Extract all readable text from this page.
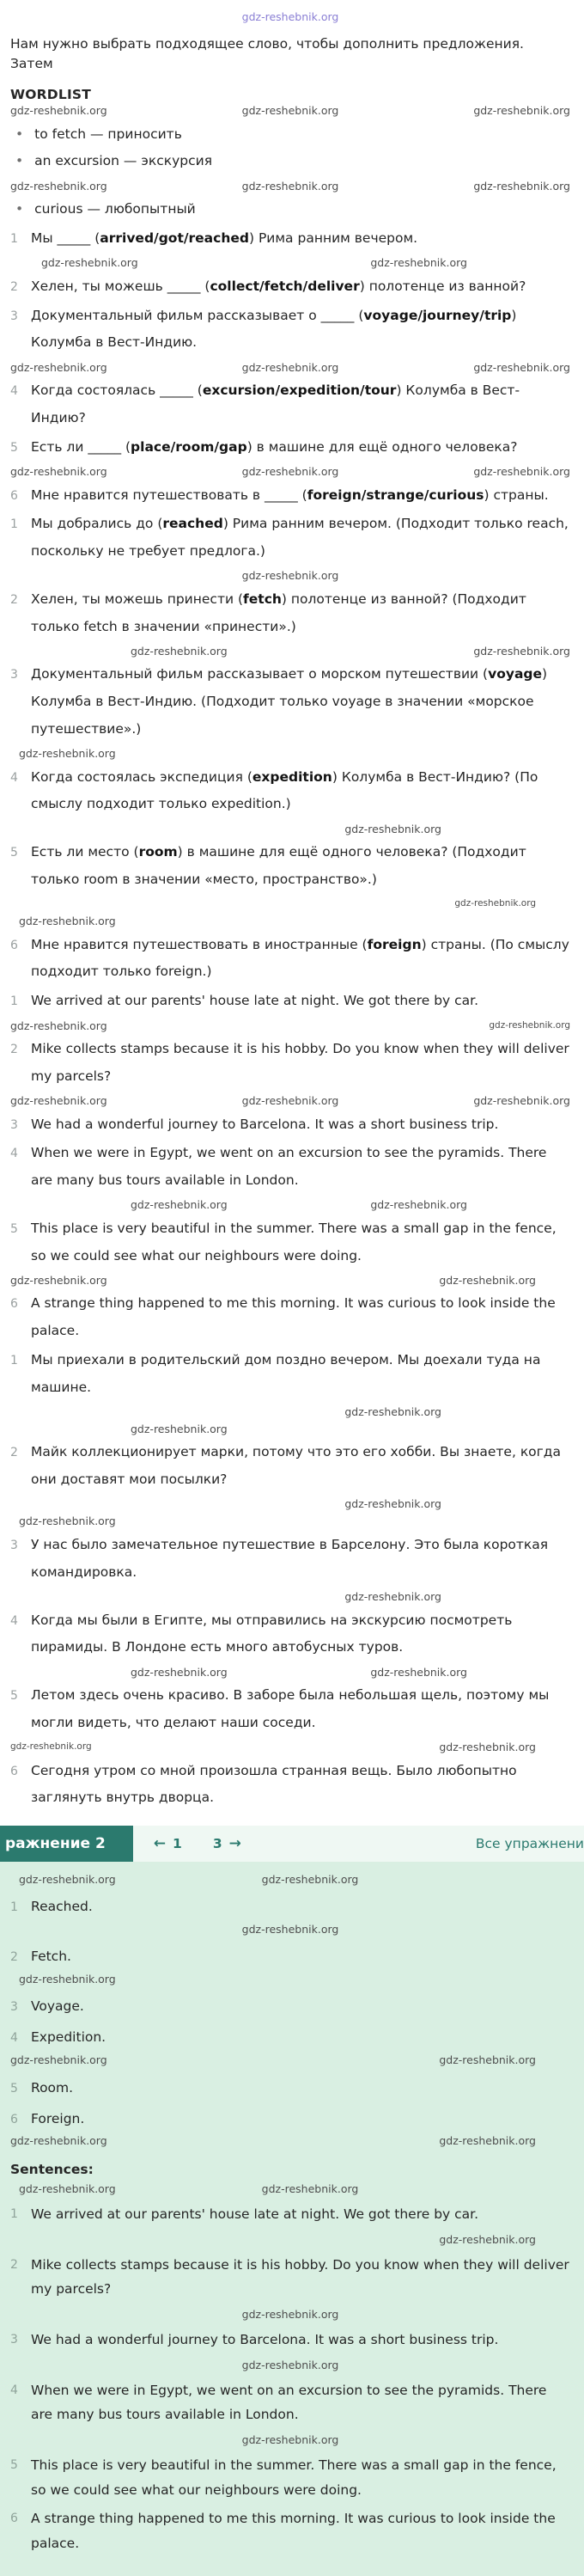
gdz-reshebnik.org

Нам нужно выбрать подходящее слово, чтобы дополнить предложения. Затем

WORDLIST
gdz-reshebnik.org	gdz-reshebnik.org	gdz-reshebnik.org
•
to fetch — приносить
•
an excursion — экскурсия
gdz-reshebnik.org	gdz-reshebnik.org	gdz-reshebnik.org
•
curious — любопытный
1 Мы _____ (arrived/got/reached) Рима ранним вечером.
gdz-reshebnik.org	gdz-reshebnik.org
2 Хелен, ты можешь _____ (collect/fetch/deliver) полотенце из ванной?
3 Документальный фильм рассказывает о _____ (voyage/journey/trip) Колумба в Вест-Индию.
gdz-reshebnik.org	gdz-reshebnik.org	gdz-reshebnik.org
4 Когда состоялась _____ (excursion/expedition/tour) Колумба в Вест-Индию?
5 Есть ли _____ (place/room/gap) в машине для ещё одного человека?
gdz-reshebnik.org	gdz-reshebnik.org	gdz-reshebnik.org
6 Мне нравится путешествовать в _____ (foreign/strange/curious) страны.
1 Мы добрались до (reached) Рима ранним вечером. (Подходит только reach, поскольку не требует предлога.)
gdz-reshebnik.org
2 Хелен, ты можешь принести (fetch) полотенце из ванной? (Подходит только fetch в значении «принести».)
gdz-reshebnik.org	gdz-reshebnik.org
3 Документальный фильм рассказывает о морском путешествии (voyage) Колумба в Вест-Индию. (Подходит только voyage в значении «морское путешествие».)
gdz-reshebnik.org
4 Когда состоялась экспедиция (expedition) Колумба в Вест-Индию? (По смыслу подходит только expedition.)
gdz-reshebnik.org
5 Есть ли место (room) в машине для ещё одного человека? (Подходит только room в значении «место, пространство».)
gdz-reshebnik.org
gdz-reshebnik.org
6 Мне нравится путешествовать в иностранные (foreign) страны. (По смыслу подходит только foreign.)
1 We arrived at our parents' house late at night. We got there by car.
gdz-reshebnik.org	gdz-reshebnik.org
2 Mike collects stamps because it is his hobby. Do you know when they will deliver my parcels?
gdz-reshebnik.org	gdz-reshebnik.org	gdz-reshebnik.org
3 We had a wonderful journey to Barcelona. It was a short business trip.
4 When we were in Egypt, we went on an excursion to see the pyramids. There are many bus tours available in London.
gdz-reshebnik.org	gdz-reshebnik.org
5 This place is very beautiful in the summer. There was a small gap in the fence, so we could see what our neighbours were doing.
gdz-reshebnik.org	gdz-reshebnik.org
6 A strange thing happened to me this morning. It was curious to look inside the palace.
1 Мы приехали в родительский дом поздно вечером. Мы доехали туда на машине.
gdz-reshebnik.org
gdz-reshebnik.org
2 Майк коллекционирует марки, потому что это его хобби. Вы знаете, когда они доставят мои посылки?
gdz-reshebnik.org
gdz-reshebnik.org
3 У нас было замечательное путешествие в Барселону. Это была короткая командировка.
gdz-reshebnik.org
4 Когда мы были в Египте, мы отправились на экскурсию посмотреть пирамиды. В Лондоне есть много автобусных туров.
gdz-reshebnik.org	gdz-reshebnik.org
5 Летом здесь очень красиво. В заборе была небольшая щель, поэтому мы могли видеть, что делают наши соседи.
gdz-reshebnik.org	gdz-reshebnik.org
6 Сегодня утром со мной произошла странная вещь. Было любопытно заглянуть внутрь дворца.
ражнение 2	← 1 3 →	Все упражнени
gdz-reshebnik.org	gdz-reshebnik.org
1 Reached.
gdz-reshebnik.org
2 Fetch.
gdz-reshebnik.org
3 Voyage.
4 Expedition.
gdz-reshebnik.org	gdz-reshebnik.org
5 Room.
6 Foreign.
gdz-reshebnik.org	gdz-reshebnik.org
Sentences:
gdz-reshebnik.org	gdz-reshebnik.org
1 We arrived at our parents' house late at night. We got there by car.
gdz-reshebnik.org
2 Mike collects stamps because it is his hobby. Do you know when they will deliver my parcels?
gdz-reshebnik.org
3 We had a wonderful journey to Barcelona. It was a short business trip.
gdz-reshebnik.org
4 When we were in Egypt, we went on an excursion to see the pyramids. There are many bus tours available in London.
gdz-reshebnik.org
5 This place is very beautiful in the summer. There was a small gap in the fence, so we could see what our neighbours were doing.
6 A strange thing happened to me this morning. It was curious to look inside the palace.
